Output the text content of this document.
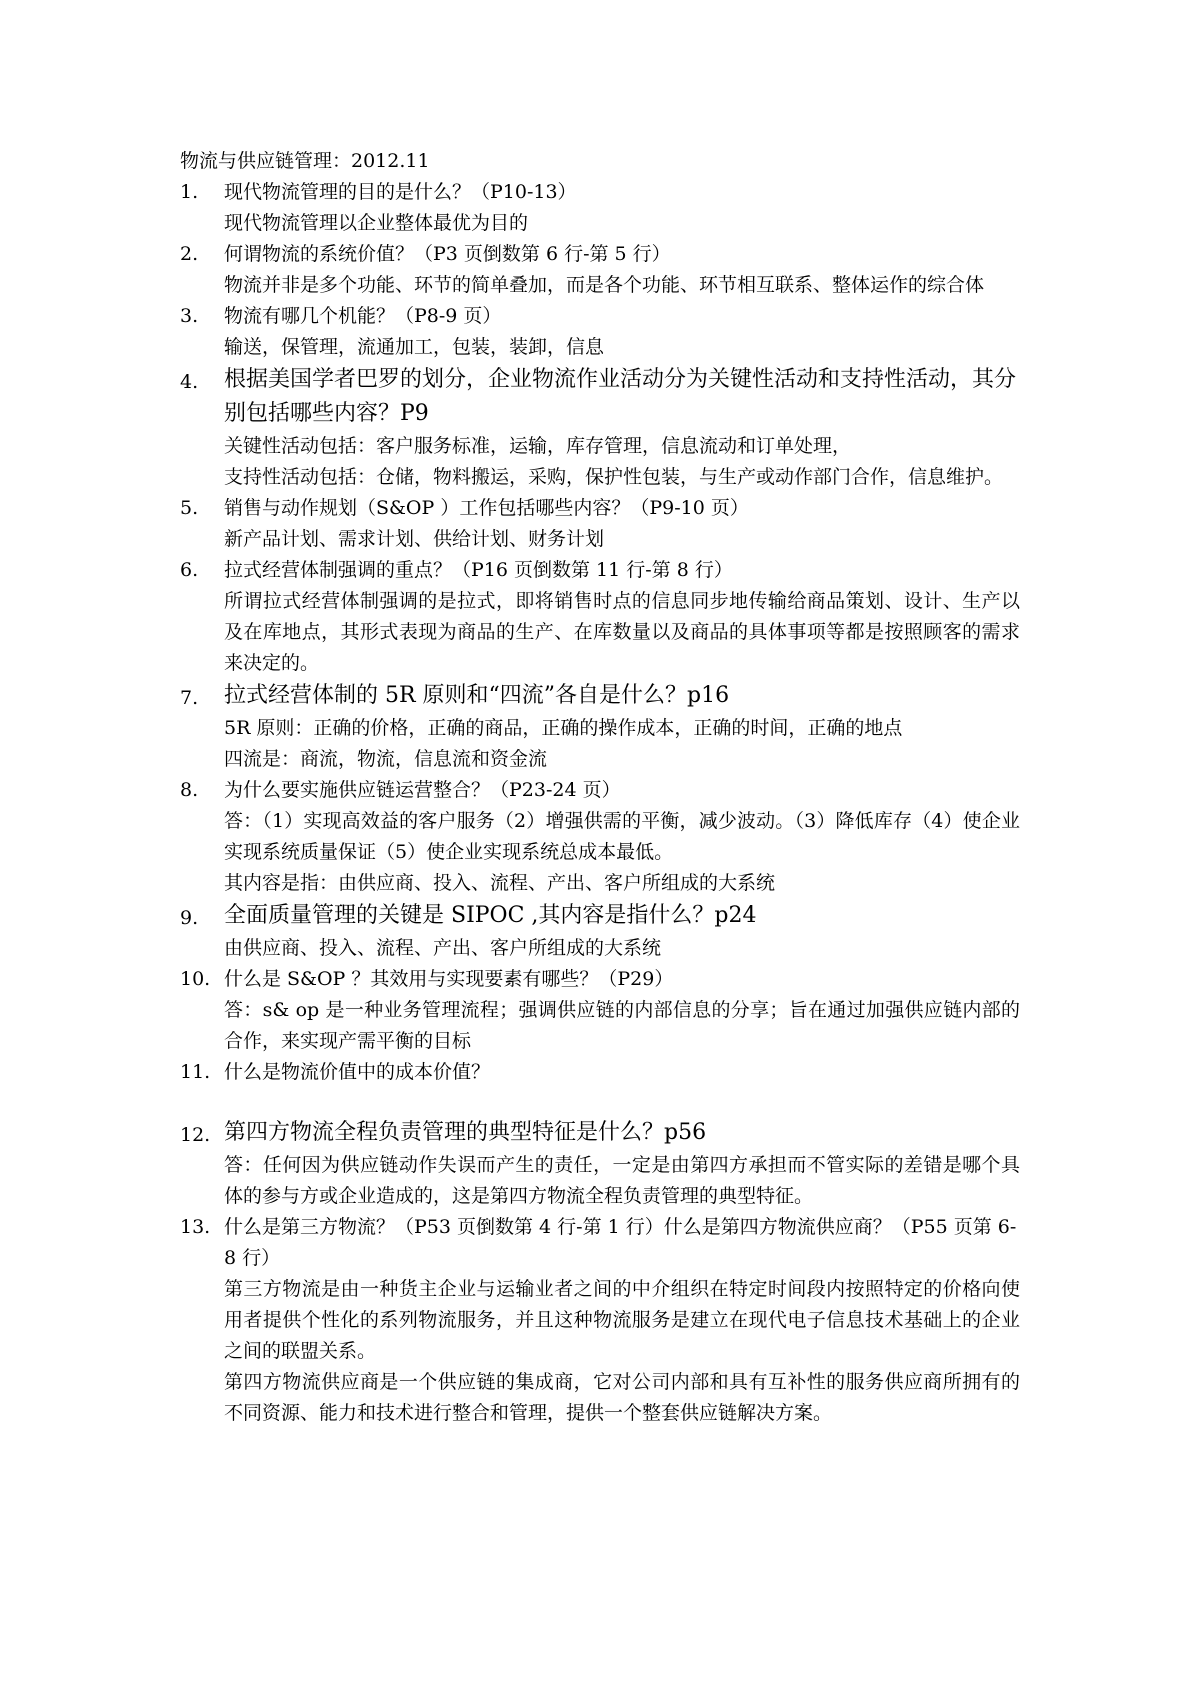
物流与供应链管理：2012.11
1.	现代物流管理的目的是什么？（P10-13）
现代物流管理以企业整体最优为目的
2.	何谓物流的系统价值？（P3 页倒数第 6 行-第 5 行）
物流并非是多个功能、环节的简单叠加，而是各个功能、环节相互联系、整体运作的综合体
3.	物流有哪几个机能？（P8-9 页）
输送，保管理，流通加工，包装，装卸，信息
4.	根据美国学者巴罗的划分，企业物流作业活动分为关键性活动和支持性活动，其分别包括哪些内容？P9
关键性活动包括：客户服务标准，运输，库存管理，信息流动和订单处理，
支持性活动包括：仓储，物料搬运，采购，保护性包装，与生产或动作部门合作，信息维护。
5.	销售与动作规划（S&OP ）工作包括哪些内容？（P9-10 页）
新产品计划、需求计划、供给计划、财务计划
6.	拉式经营体制强调的重点？（P16 页倒数第 11 行-第 8 行）
所谓拉式经营体制强调的是拉式，即将销售时点的信息同步地传输给商品策划、设计、生产以及在库地点，其形式表现为商品的生产、在库数量以及商品的具体事项等都是按照顾客的需求来决定的。
7.	拉式经营体制的 5R 原则和“四流”各自是什么？p16
5R 原则：正确的价格，正确的商品，正确的操作成本，正确的时间，正确的地点
四流是：商流，物流，信息流和资金流
8.	为什么要实施供应链运营整合？（P23-24 页）
答：（1）实现高效益的客户服务（2）增强供需的平衡，减少波动。（3）降低库存（4）使企业实现系统质量保证（5）使企业实现系统总成本最低。
其内容是指：由供应商、投入、流程、产出、客户所组成的大系统
9.	全面质量管理的关键是 SIPOC ,其内容是指什么？p24
由供应商、投入、流程、产出、客户所组成的大系统
10. 什么是 S&OP ？其效用与实现要素有哪些？（P29）
答：s& op 是一种业务管理流程；强调供应链的内部信息的分享；旨在通过加强供应链内部的合作，来实现产需平衡的目标
11. 什么是物流价值中的成本价值？
12. 第四方物流全程负责管理的典型特征是什么？p56
答：任何因为供应链动作失误而产生的责任，一定是由第四方承担而不管实际的差错是哪个具体的参与方或企业造成的，这是第四方物流全程负责管理的典型特征。
13. 什么是第三方物流？（P53 页倒数第 4 行-第 1 行）什么是第四方物流供应商？（P55 页第 6-8 行）
第三方物流是由一种货主企业与运输业者之间的中介组织在特定时间段内按照特定的价格向使用者提供个性化的系列物流服务，并且这种物流服务是建立在现代电子信息技术基础上的企业之间的联盟关系。
第四方物流供应商是一个供应链的集成商，它对公司内部和具有互补性的服务供应商所拥有的不同资源、能力和技术进行整合和管理，提供一个整套供应链解决方案。
